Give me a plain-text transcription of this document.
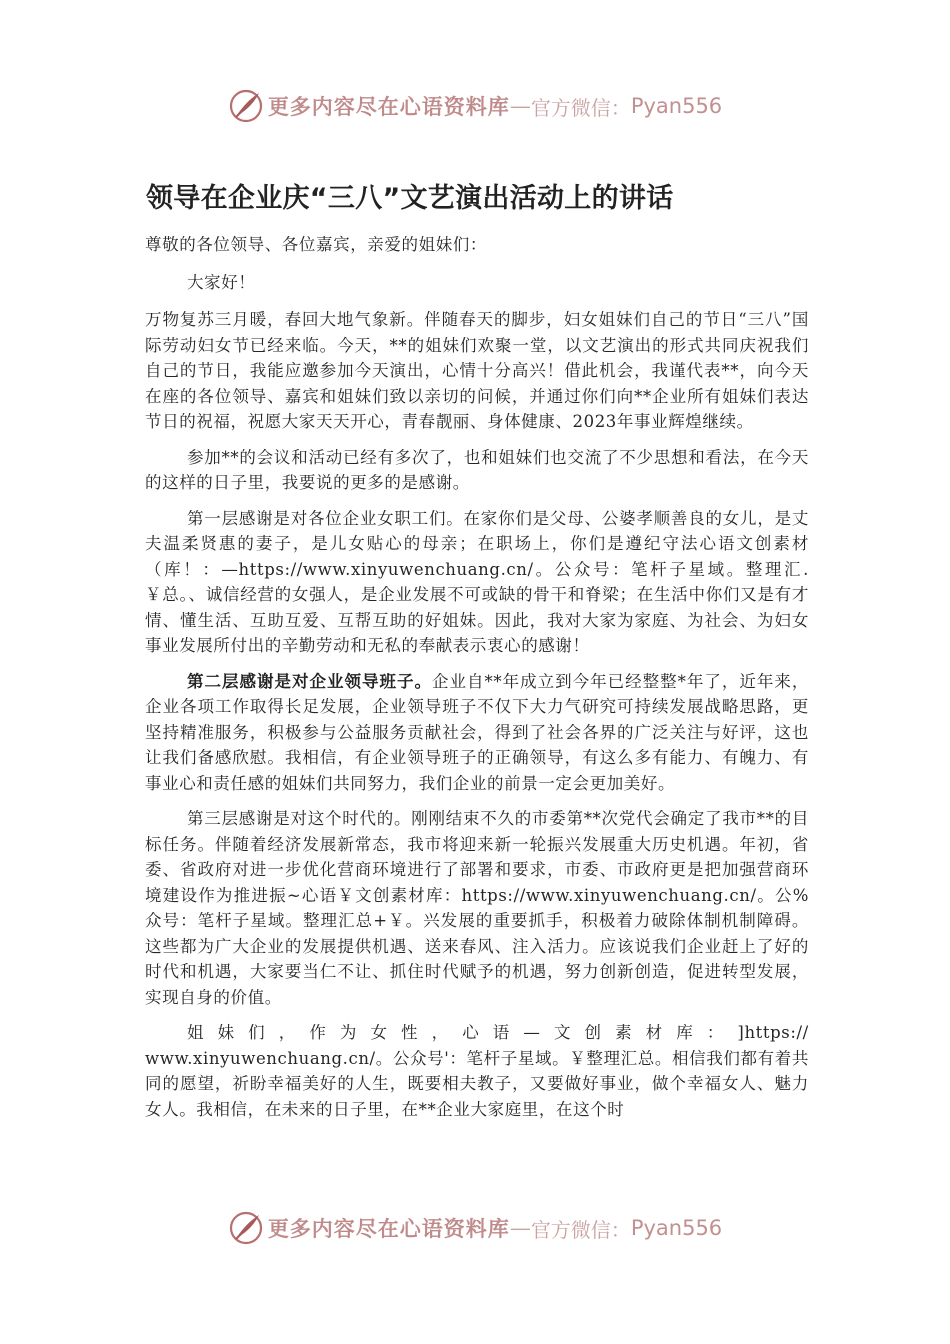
更多内容尽在心语资料库 — 官方微信： Pyan556
领导在企业庆“三八”文艺演出活动上的讲话

尊敬的各位领导、各位嘉宾，亲爱的姐妹们：

大家好！

万物复苏三月暖，春回大地气象新。伴随春天的脚步，妇女姐妹们自己的节日“三八”国际劳动妇女节已经来临。今天，**的姐妹们欢聚一堂，以文艺演出的形式共同庆祝我们自己的节日，我能应邀参加今天演出，心情十分高兴！借此机会，我谨代表**，向今天在座的各位领导、嘉宾和姐妹们致以亲切的问候，并通过你们向**企业所有姐妹们表达节日的祝福，祝愿大家天天开心，青春靓丽、身体健康、2023年事业辉煌继续。

参加**的会议和活动已经有多次了，也和姐妹们也交流了不少思想和看法，在今天的这样的日子里，我要说的更多的是感谢。

第一层感谢是对各位企业女职工们。在家你们是父母、公婆孝顺善良的女儿，是丈夫温柔贤惠的妻子，是儿女贴心的母亲；在职场上，你们是遵纪守法心语文创素材（库！：—https://www.xinyuwenchuang.cn/。公众号：笔杆子星域。整理汇.￥总。、诚信经营的女强人，是企业发展不可或缺的骨干和脊梁；在生活中你们又是有才情、懂生活、互助互爱、互帮互助的好姐妹。因此，我对大家为家庭、为社会、为妇女事业发展所付出的辛勤劳动和无私的奉献表示衷心的感谢！

第二层感谢是对企业领导班子。企业自**年成立到今年已经整整*年了，近年来，企业各项工作取得长足发展，企业领导班子不仅下大力气研究可持续发展战略思路，更坚持精准服务，积极参与公益服务贡献社会，得到了社会各界的广泛关注与好评，这也让我们备感欣慰。我相信，有企业领导班子的正确领导，有这么多有能力、有魄力、有事业心和责任感的姐妹们共同努力，我们企业的前景一定会更加美好。

第三层感谢是对这个时代的。刚刚结束不久的市委第**次党代会确定了我市**的目标任务。伴随着经济发展新常态，我市将迎来新一轮振兴发展重大历史机遇。年初，省委、省政府对进一步优化营商环境进行了部署和要求，市委、市政府更是把加强营商环境建设作为推进振~心语￥文创素材库：https://www.xinyuwenchuang.cn/。公%众号：笔杆子星域。整理汇总+￥。兴发展的重要抓手，积极着力破除体制机制障碍。这些都为广大企业的发展提供机遇、送来春风、注入活力。应该说我们企业赶上了好的时代和机遇，大家要当仁不让、抓住时代赋予的机遇，努力创新创造，促进转型发展，实现自身的价值。

姐 妹 们 ， 作 为 女 性 ， 心 语 — 文 创 素 材 库 ： ]https://

www.xinyuwenchuang.cn/。公众号'：笔杆子星域。￥整理汇总。相信我们都有着共同的愿望，祈盼幸福美好的人生，既要相夫教子，又要做好事业，做个幸福女人、魅力女人。我相信，在未来的日子里，在**企业大家庭里，在这个时

更多内容尽在心语资料库 — 官方微信： Pyan556
